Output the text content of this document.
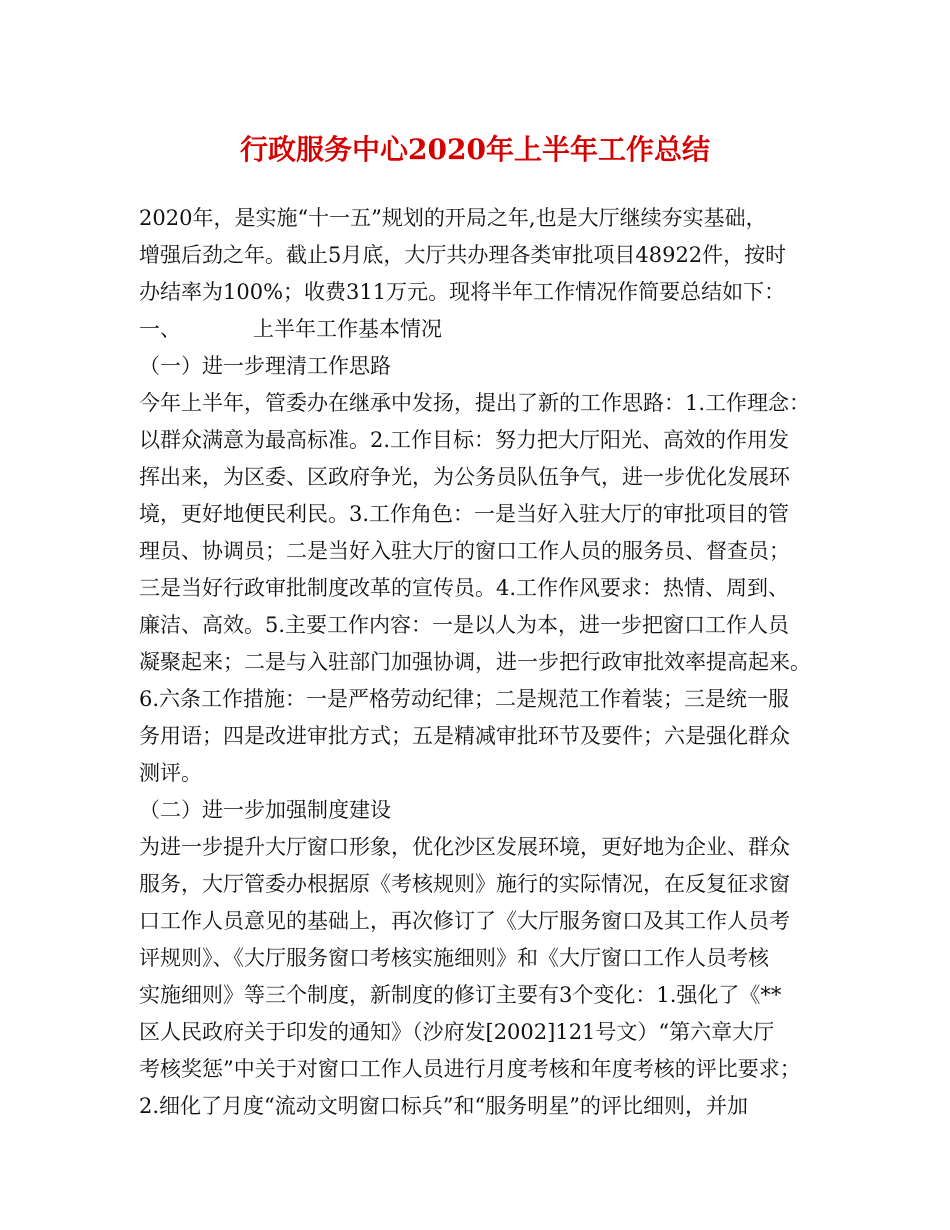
行政服务中心2020年上半年工作总结
2020年，是实施“十一五”规划的开局之年,也是大厅继续夯实基础，
增强后劲之年。截止5月底，大厅共办理各类审批项目48922件，按时
办结率为100%；收费311万元。现将半年工作情况作简要总结如下：
一、	上半年工作基本情况
（一）进一步理清工作思路
今年上半年，管委办在继承中发扬，提出了新的工作思路：1.工作理念：
以群众满意为最高标准。2.工作目标：努力把大厅阳光、高效的作用发
挥出来，为区委、区政府争光，为公务员队伍争气，进一步优化发展环
境，更好地便民利民。3.工作角色：一是当好入驻大厅的审批项目的管
理员、协调员；二是当好入驻大厅的窗口工作人员的服务员、督查员；
三是当好行政审批制度改革的宣传员。4.工作作风要求：热情、周到、
廉洁、高效。5.主要工作内容：一是以人为本，进一步把窗口工作人员
凝聚起来；二是与入驻部门加强协调，进一步把行政审批效率提高起来。
6.六条工作措施：一是严格劳动纪律；二是规范工作着装；三是统一服
务用语；四是改进审批方式；五是精减审批环节及要件；六是强化群众
测评。
（二）进一步加强制度建设
为进一步提升大厅窗口形象，优化沙区发展环境，更好地为企业、群众
服务，大厅管委办根据原《考核规则》施行的实际情况，在反复征求窗
口工作人员意见的基础上，再次修订了《大厅服务窗口及其工作人员考
评规则》、《大厅服务窗口考核实施细则》和《大厅窗口工作人员考核
实施细则》等三个制度，新制度的修订主要有3个变化：1.强化了《**
区人民政府关于印发的通知》（沙府发[2002]121号文）“第六章大厅
考核奖惩”中关于对窗口工作人员进行月度考核和年度考核的评比要求；
2.细化了月度“流动文明窗口标兵”和“服务明星”的评比细则，并加
